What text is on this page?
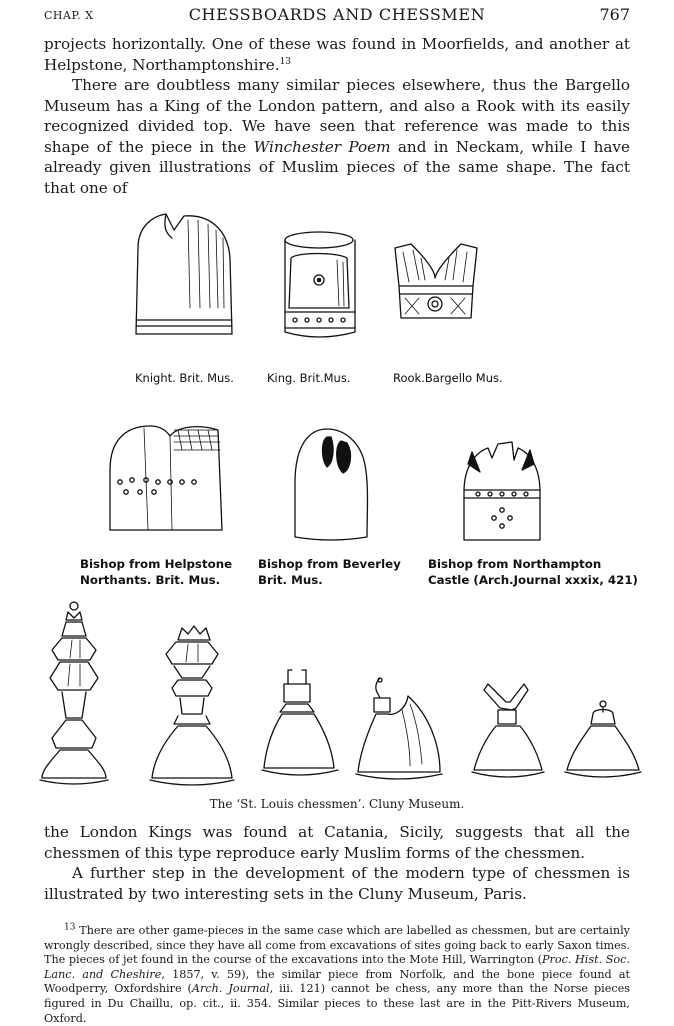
CHAP. X	CHESSBOARDS AND CHESSMEN	767

projects horizontally. One of these was found in Moorfields, and another at Helpstone, Northamptonshire.$^{13}$

There are doubtless many similar pieces elsewhere, thus the Bargello Museum has a King of the London pattern, and also a Rook with its easily recognized divided top. We have seen that reference was made to this shape of the piece in the Winchester Poem and in Neckam, while I have already given illustrations of Muslim pieces of the same shape. The fact that one of

Knight. Brit. Mus.	King. Brit.Mus.	Rook.Bargello Mus.
Bishop from Helpstone
Northants. Brit. Mus.
Bishop from Beverley
Brit. Mus.
Bishop from Northampton
Castle (Arch.Journal xxxix, 421)
The ‘St. Louis chessmen’. Cluny Museum.

the London Kings was found at Catania, Sicily, suggests that all the chessmen of this type reproduce early Muslim forms of the chessmen.

A further step in the development of the modern type of chessmen is illustrated by two interesting sets in the Cluny Museum, Paris.

$^{13}$ There are other game-pieces in the same case which are labelled as chessmen, but are certainly wrongly described, since they have all come from excavations of sites going back to early Saxon times. The pieces of jet found in the course of the excavations into the Mote Hill, Warrington (Proc. Hist. Soc. Lanc. and Cheshire, 1857, v. 59), the similar piece from Norfolk, and the bone piece found at Woodperry, Oxfordshire (Arch. Journal, iii. 121) cannot be chess, any more than the Norse pieces figured in Du Chaillu, op. cit., ii. 354. Similar pieces to these last are in the Pitt-Rivers Museum, Oxford.
